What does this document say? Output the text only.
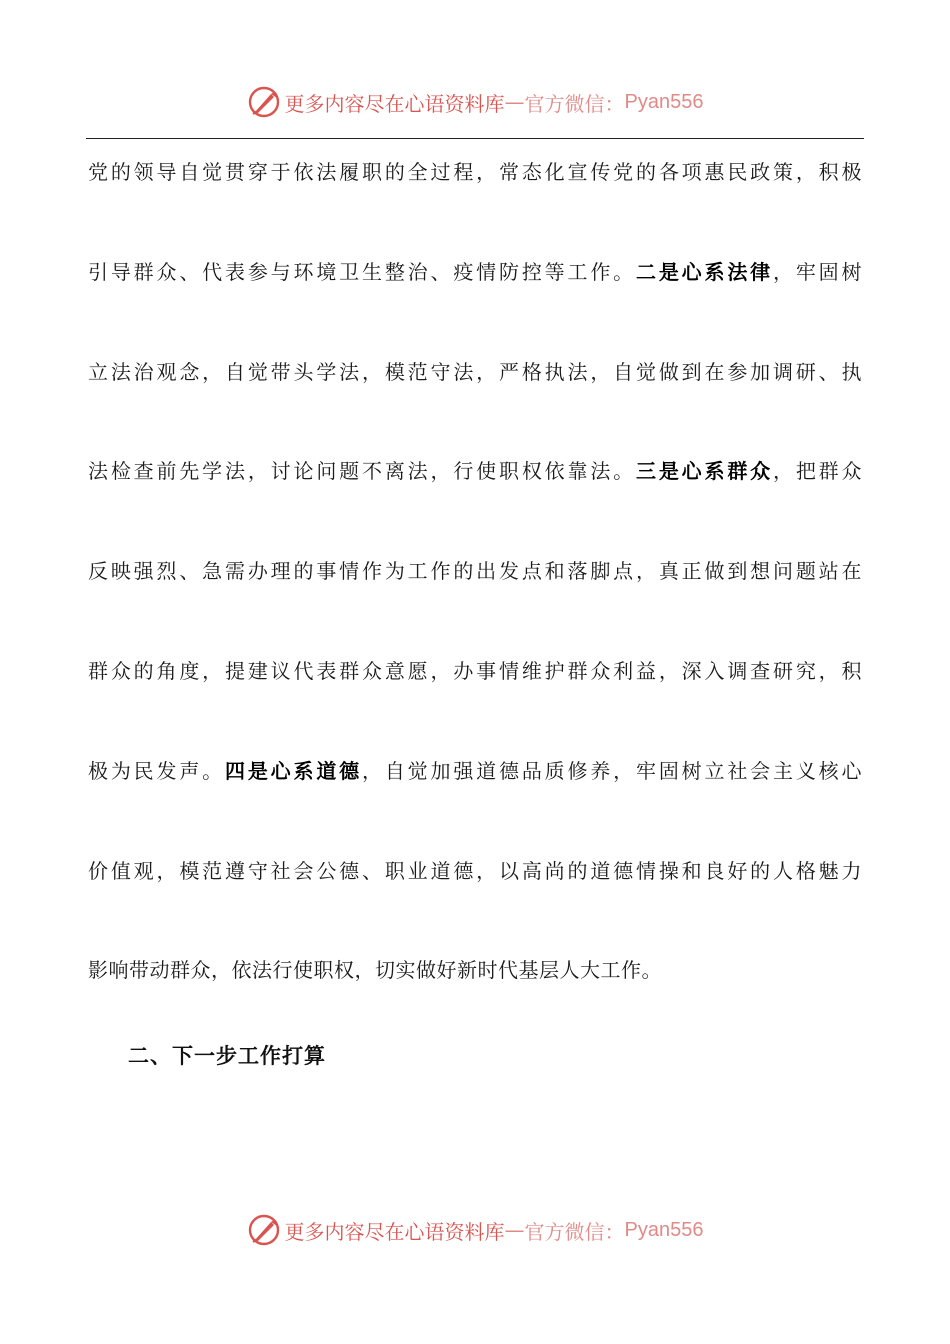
更多内容尽在心语资料库 — 官方微信： Pyan556
党的领导自觉贯穿于依法履职的全过程，常态化宣传党的各项惠民政策，积极
引导群众、代表参与环境卫生整治、疫情防控等工作。二是心系法律，牢固树
立法治观念，自觉带头学法，模范守法，严格执法，自觉做到在参加调研、执
法检查前先学法，讨论问题不离法，行使职权依靠法。三是心系群众，把群众
反映强烈、急需办理的事情作为工作的出发点和落脚点，真正做到想问题站在
群众的角度，提建议代表群众意愿，办事情维护群众利益，深入调查研究，积
极为民发声。四是心系道德，自觉加强道德品质修养，牢固树立社会主义核心
价值观，模范遵守社会公德、职业道德，以高尚的道德情操和良好的人格魅力
影响带动群众，依法行使职权，切实做好新时代基层人大工作。
二、下一步工作打算
更多内容尽在心语资料库 — 官方微信： Pyan556
